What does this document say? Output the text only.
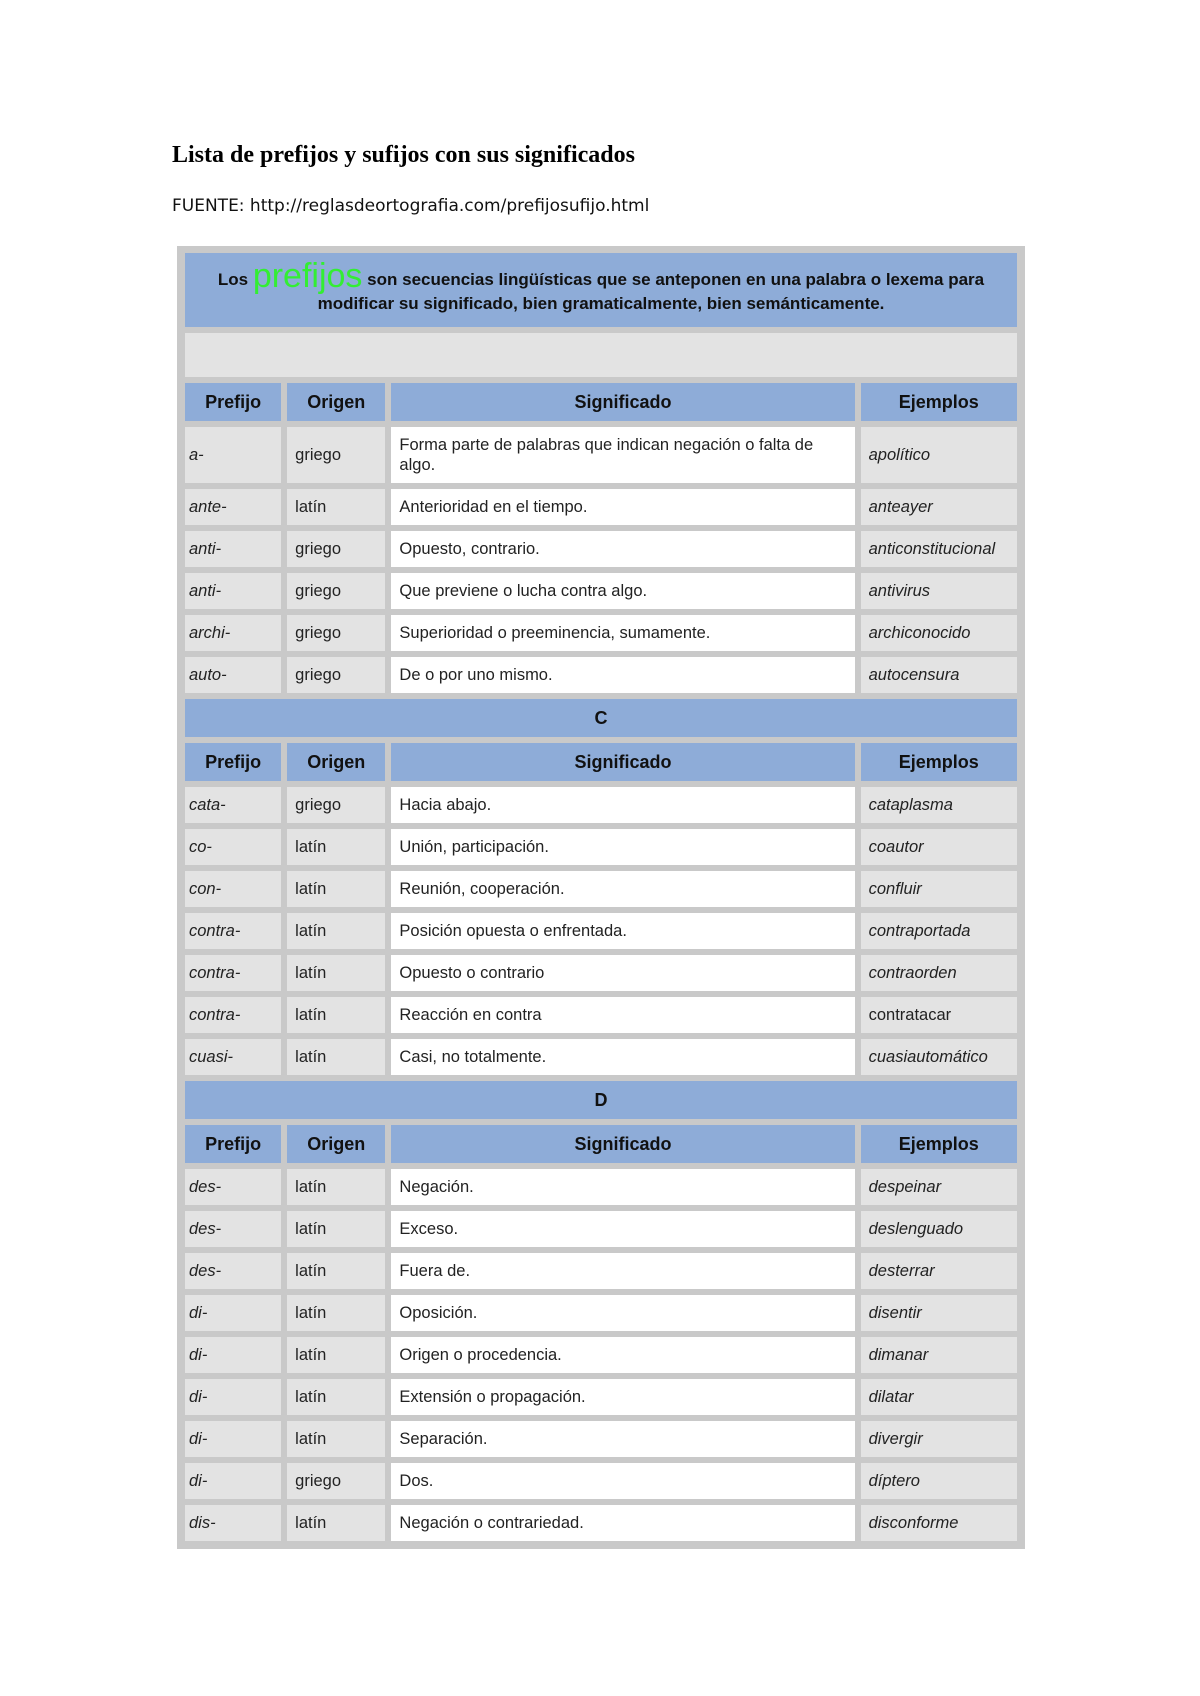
Lista de prefijos y sufijos con sus significados
FUENTE: http://reglasdeortografia.com/prefijosufijo.html
Los prefijos son secuencias lingüísticas que se anteponen en una palabra o lexema para modificar su significado, bien gramaticalmente, bien semánticamente.			

Prefijo	Origen	Significado	Ejemplos
a-	griego	Forma parte de palabras que indican negación o falta de algo.	apolítico
ante-	latín	Anterioridad en el tiempo.	anteayer
anti-	griego	Opuesto, contrario.	anticonstitucional
anti-	griego	Que previene o lucha contra algo.	antivirus
archi-	griego	Superioridad o preeminencia, sumamente.	archiconocido
auto-	griego	De o por uno mismo.	autocensura
C			
Prefijo	Origen	Significado	Ejemplos
cata-	griego	Hacia abajo.	cataplasma
co-	latín	Unión, participación.	coautor
con-	latín	Reunión, cooperación.	confluir
contra-	latín	Posición opuesta o enfrentada.	contraportada
contra-	latín	Opuesto o contrario	contraorden
contra-	latín	Reacción en contra	contratacar
cuasi-	latín	Casi, no totalmente.	cuasiautomático
D			
Prefijo	Origen	Significado	Ejemplos
des-	latín	Negación.	despeinar
des-	latín	Exceso.	deslenguado
des-	latín	Fuera de.	desterrar
di-	latín	Oposición.	disentir
di-	latín	Origen o procedencia.	dimanar
di-	latín	Extensión o propagación.	dilatar
di-	latín	Separación.	divergir
di-	griego	Dos.	díptero
dis-	latín	Negación o contrariedad.	disconforme
